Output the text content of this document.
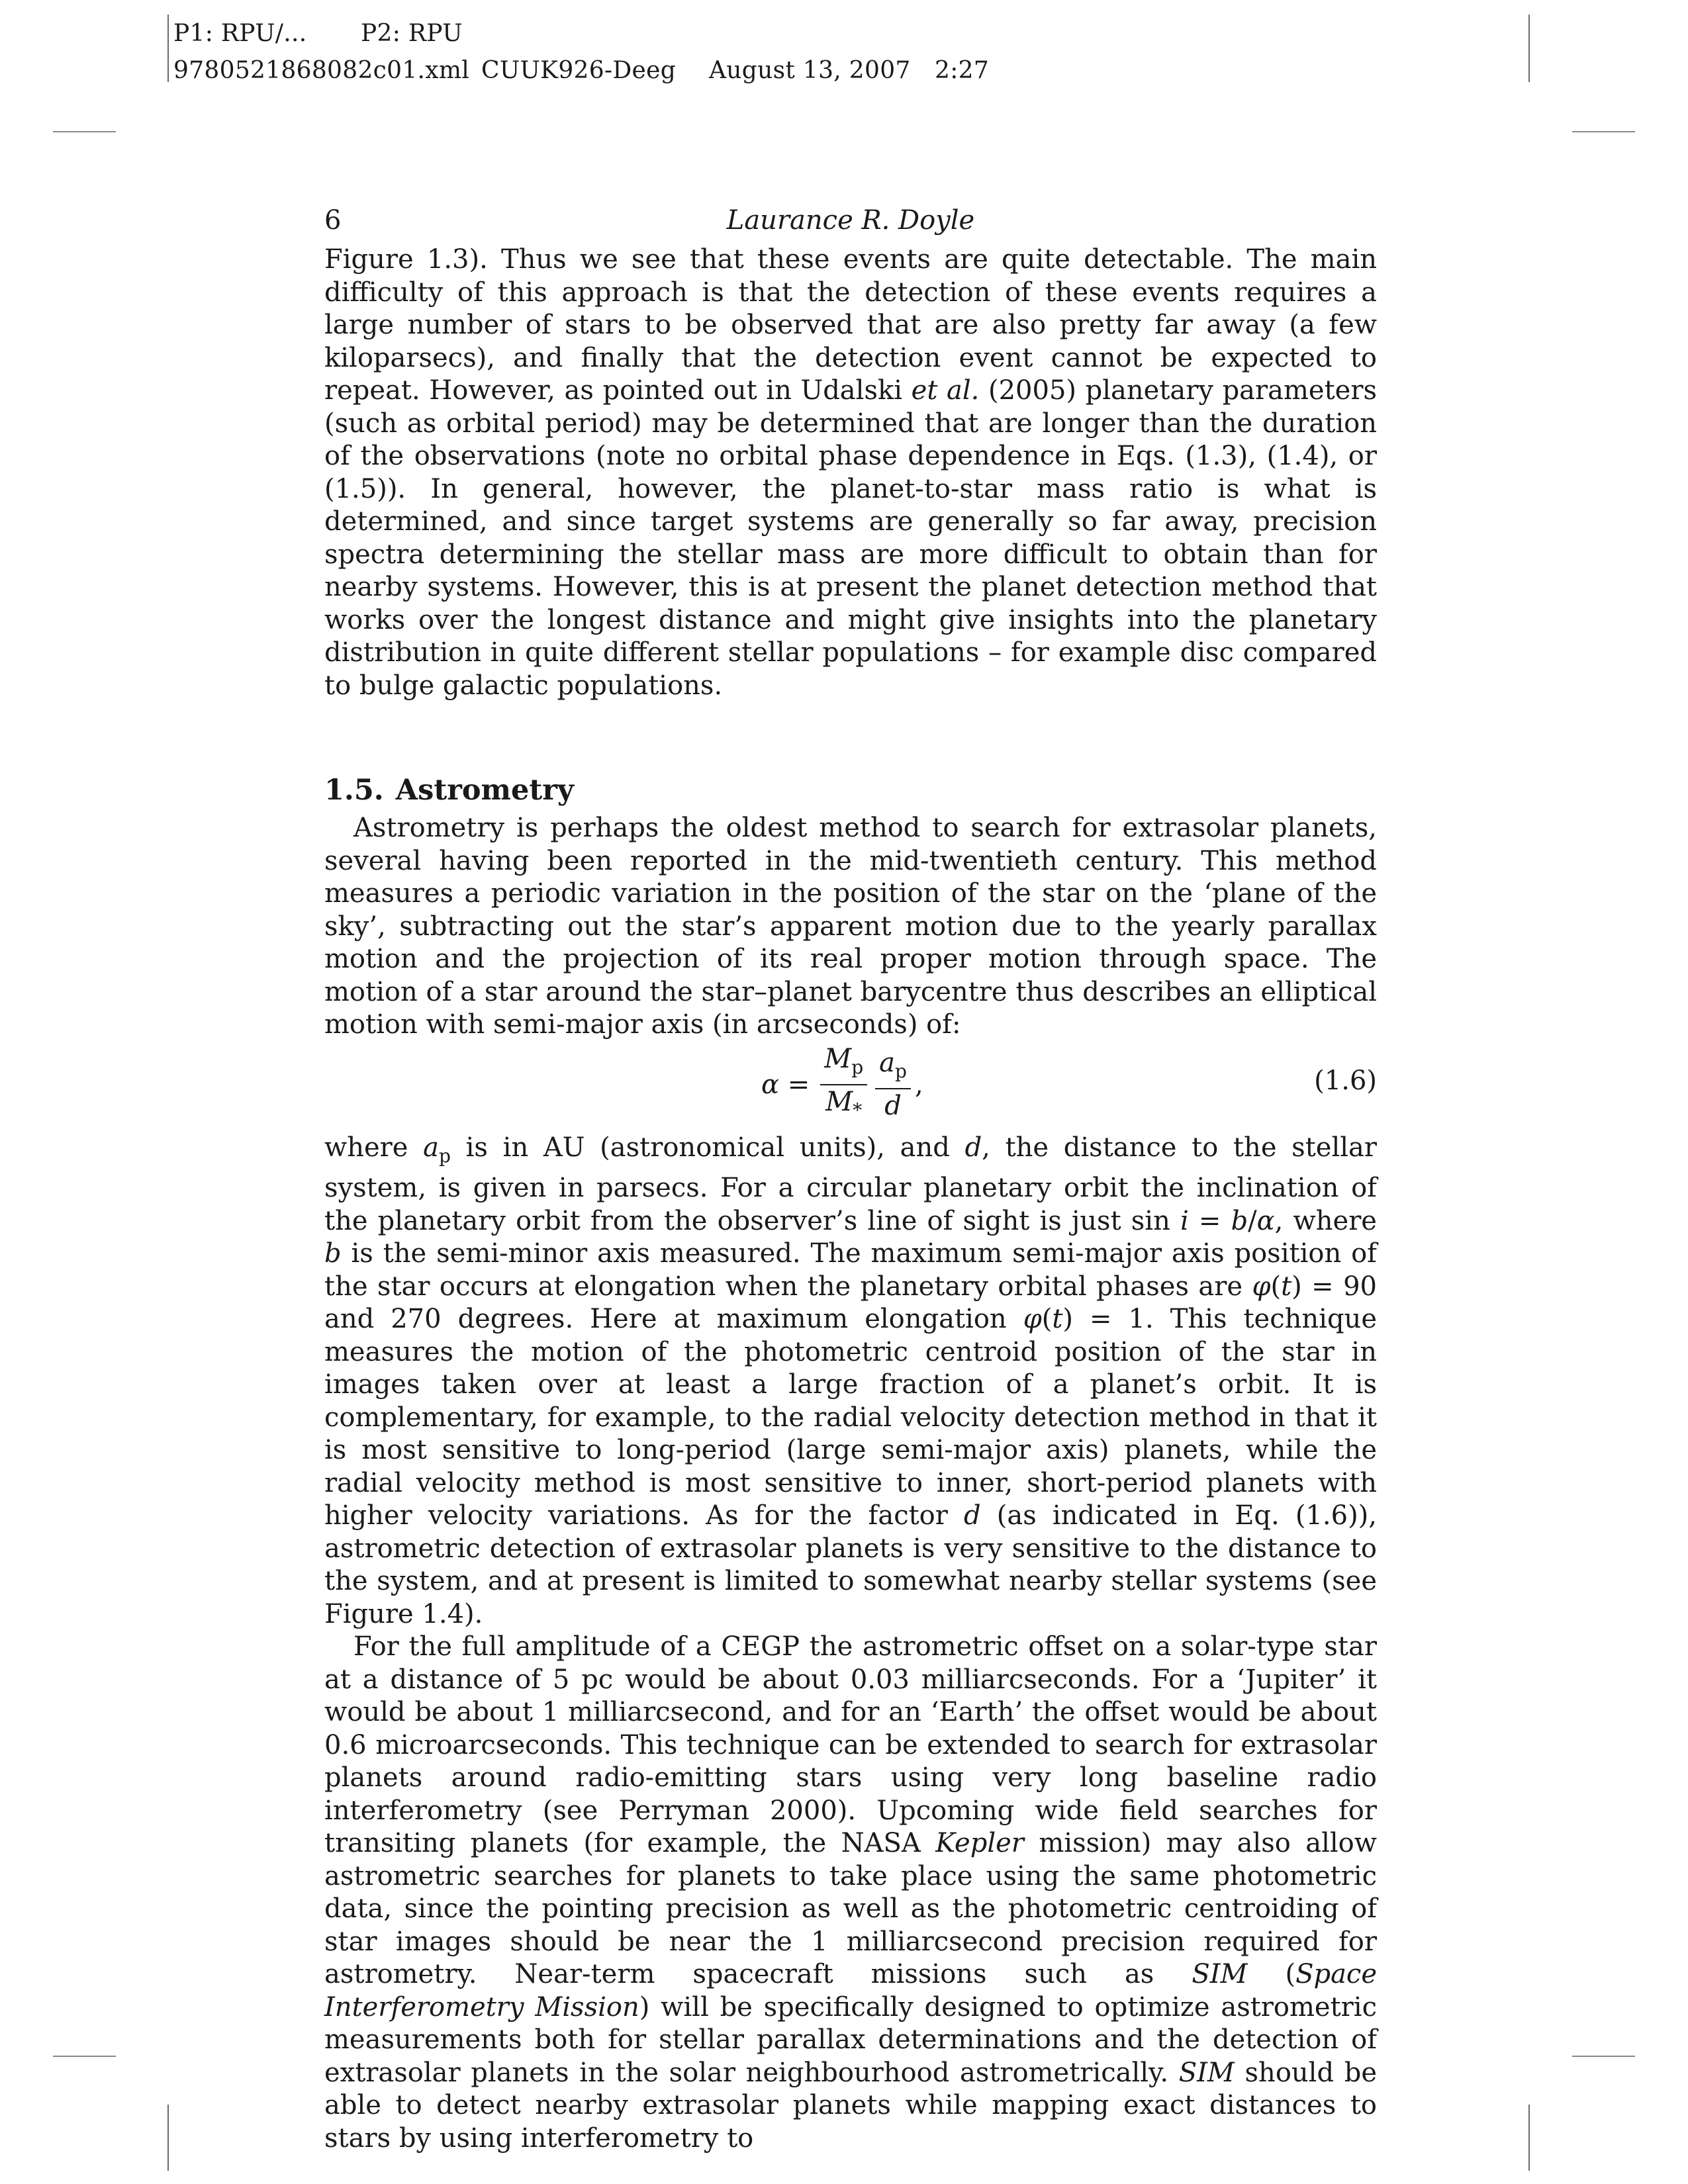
P1: RPU/... P2: RPU
9780521868082c01.xml CUUK926-Deeg August 13, 2007 2:27
6	Laurance R. Doyle

Figure 1.3). Thus we see that these events are quite detectable. The main difficulty of this approach is that the detection of these events requires a large number of stars to be observed that are also pretty far away (a few kiloparsecs), and finally that the detection event cannot be expected to repeat. However, as pointed out in Udalski et al. (2005) planetary parameters (such as orbital period) may be determined that are longer than the duration of the observations (note no orbital phase dependence in Eqs. (1.3), (1.4), or (1.5)). In general, however, the planet-to-star mass ratio is what is determined, and since target systems are generally so far away, precision spectra determining the stellar mass are more difficult to obtain than for nearby systems. However, this is at present the planet detection method that works over the longest distance and might give insights into the planetary distribution in quite different stellar populations – for example disc compared to bulge galactic populations.

1.5. Astrometry

Astrometry is perhaps the oldest method to search for extrasolar planets, several having been reported in the mid-twentieth century. This method measures a periodic variation in the position of the star on the ‘plane of the sky’, subtracting out the star’s apparent motion due to the yearly parallax motion and the projection of its real proper motion through space. The motion of a star around the star–planet barycentre thus describes an elliptical motion with semi-major axis (in arcseconds) of:

$\alpha = \frac{M_p}{M_*} \frac{a_p}{d}$ ,	(1.6)

where $a_p$ is in AU (astronomical units), and d, the distance to the stellar system, is given in parsecs. For a circular planetary orbit the inclination of the planetary orbit from the observer’s line of sight is just sin i = b/α, where b is the semi-minor axis measured. The maximum semi-major axis position of the star occurs at elongation when the planetary orbital phases are φ(t) = 90 and 270 degrees. Here at maximum elongation φ(t) = 1. This technique measures the motion of the photometric centroid position of the star in images taken over at least a large fraction of a planet’s orbit. It is complementary, for example, to the radial velocity detection method in that it is most sensitive to long-period (large semi-major axis) planets, while the radial velocity method is most sensitive to inner, short-period planets with higher velocity variations. As for the factor d (as indicated in Eq. (1.6)), astrometric detection of extrasolar planets is very sensitive to the distance to the system, and at present is limited to somewhat nearby stellar systems (see Figure 1.4).

For the full amplitude of a CEGP the astrometric offset on a solar-type star at a distance of 5 pc would be about 0.03 milliarcseconds. For a ‘Jupiter’ it would be about 1 milliarcsecond, and for an ‘Earth’ the offset would be about 0.6 microarcseconds. This technique can be extended to search for extrasolar planets around radio-emitting stars using very long baseline radio interferometry (see Perryman 2000). Upcoming wide field searches for transiting planets (for example, the NASA Kepler mission) may also allow astrometric searches for planets to take place using the same photometric data, since the pointing precision as well as the photometric centroiding of star images should be near the 1 milliarcsecond precision required for astrometry. Near-term spacecraft missions such as SIM (Space Interferometry Mission) will be specifically designed to optimize astrometric measurements both for stellar parallax determinations and the detection of extrasolar planets in the solar neighbourhood astrometrically. SIM should be able to detect nearby extrasolar planets while mapping exact distances to stars by using interferometry to
